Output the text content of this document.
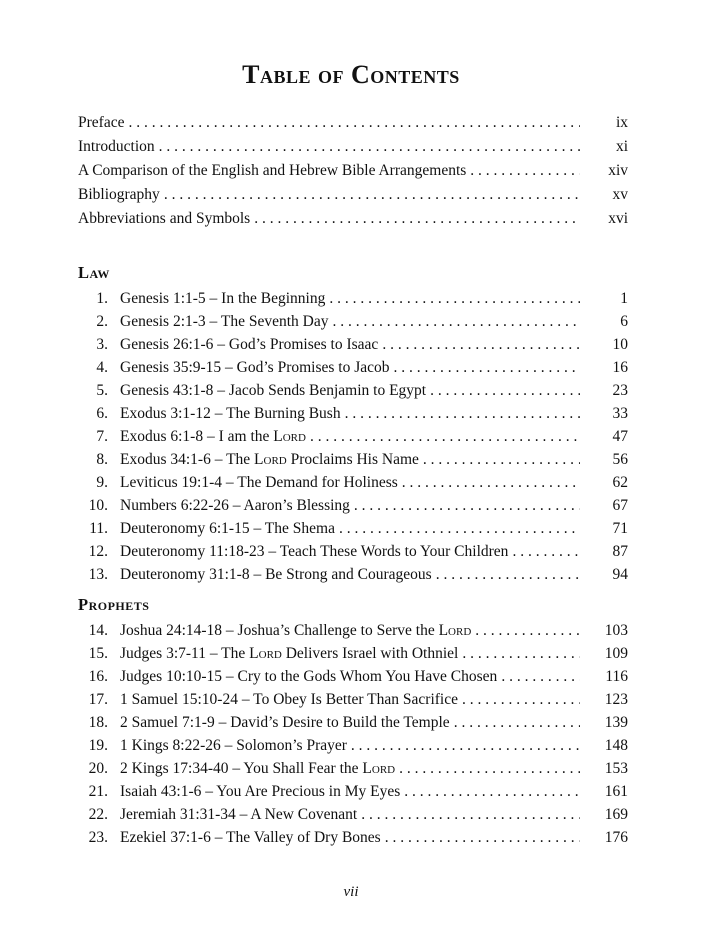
Table of Contents
Preface . . .	ix
Introduction . . .	xi
A Comparison of the English and Hebrew Bible Arrangements . . .	xiv
Bibliography . . .	xv
Abbreviations and Symbols . . .	xvi
Law
1. Genesis 1:1-5 – In the Beginning . . .	1
2. Genesis 2:1-3 – The Seventh Day . . .	6
3. Genesis 26:1-6 – God’s Promises to Isaac . . .	10
4. Genesis 35:9-15 – God’s Promises to Jacob . . .	16
5. Genesis 43:1-8 – Jacob Sends Benjamin to Egypt . . .	23
6. Exodus 3:1-12 – The Burning Bush . . .	33
7. Exodus 6:1-8 – I am the Lord . . .	47
8. Exodus 34:1-6 – The Lord Proclaims His Name . . .	56
9. Leviticus 19:1-4 – The Demand for Holiness . . .	62
10. Numbers 6:22-26 – Aaron’s Blessing . . .	67
11. Deuteronomy 6:1-15 – The Shema . . .	71
12. Deuteronomy 11:18-23 – Teach These Words to Your Children . . .	87
13. Deuteronomy 31:1-8 – Be Strong and Courageous . . .	94
Prophets
14. Joshua 24:14-18 – Joshua’s Challenge to Serve the Lord . . .	103
15. Judges 3:7-11 – The Lord Delivers Israel with Othniel . . .	109
16. Judges 10:10-15 – Cry to the Gods Whom You Have Chosen . . .	116
17. 1 Samuel 15:10-24 – To Obey Is Better Than Sacrifice . . .	123
18. 2 Samuel 7:1-9 – David’s Desire to Build the Temple . . .	139
19. 1 Kings 8:22-26 – Solomon’s Prayer . . .	148
20. 2 Kings 17:34-40 – You Shall Fear the Lord . . .	153
21. Isaiah 43:1-6 – You Are Precious in My Eyes . . .	161
22. Jeremiah 31:31-34 – A New Covenant . . .	169
23. Ezekiel 37:1-6 – The Valley of Dry Bones . . .	176
vii
